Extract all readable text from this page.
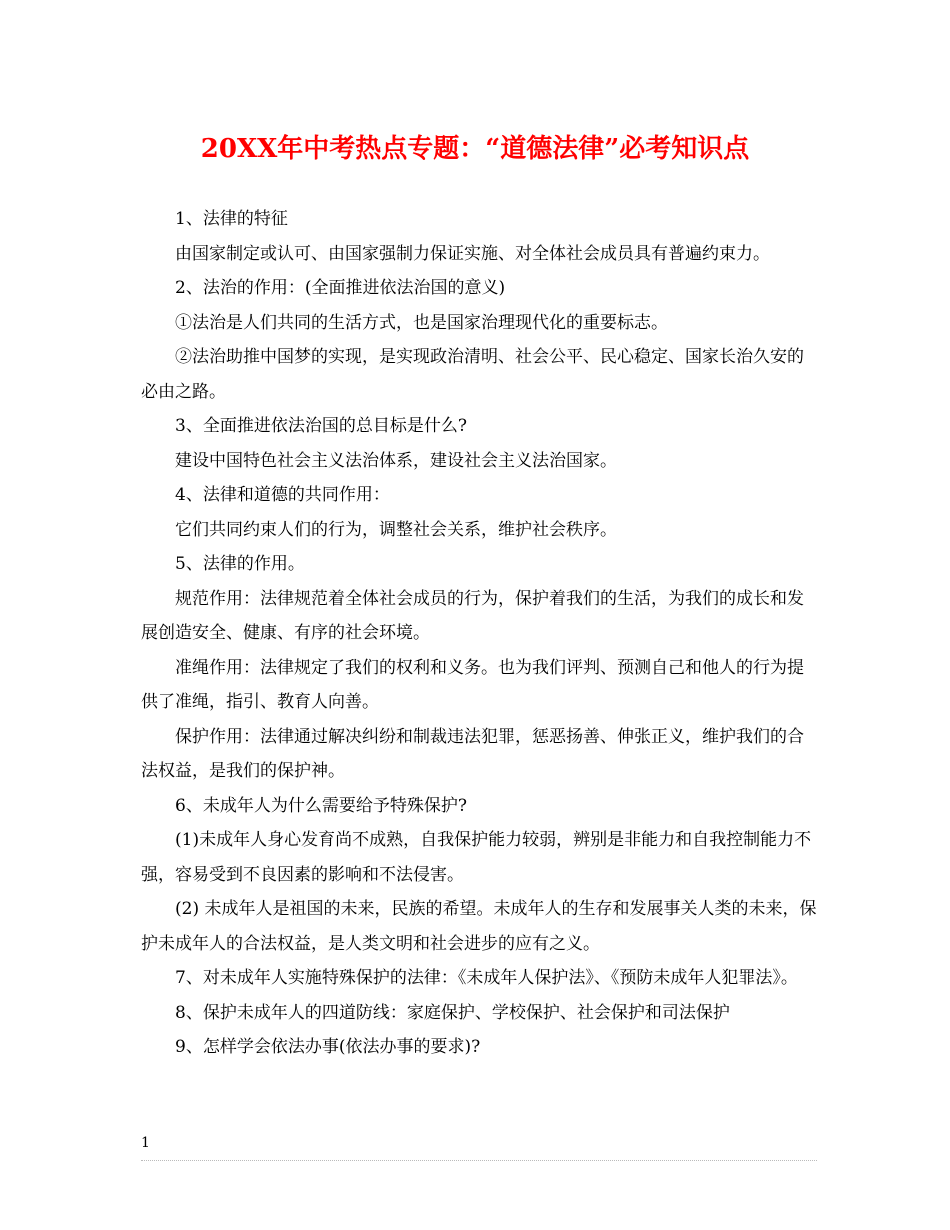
20XX年中考热点专题：“道德法律”必考知识点

1、法律的特征

由国家制定或认可、由国家强制力保证实施、对全体社会成员具有普遍约束力。

2、法治的作用：(全面推进依法治国的意义)

①法治是人们共同的生活方式，也是国家治理现代化的重要标志。

②法治助推中国梦的实现，是实现政治清明、社会公平、民心稳定、国家长治久安的必由之路。

3、全面推进依法治国的总目标是什么?

建设中国特色社会主义法治体系，建设社会主义法治国家。

4、法律和道德的共同作用：

它们共同约束人们的行为，调整社会关系，维护社会秩序。

5、法律的作用。

规范作用：法律规范着全体社会成员的行为，保护着我们的生活，为我们的成长和发展创造安全、健康、有序的社会环境。

准绳作用：法律规定了我们的权利和义务。也为我们评判、预测自己和他人的行为提供了准绳，指引、教育人向善。

保护作用：法律通过解决纠纷和制裁违法犯罪，惩恶扬善、伸张正义，维护我们的合法权益，是我们的保护神。

6、未成年人为什么需要给予特殊保护?

(1)未成年人身心发育尚不成熟，自我保护能力较弱，辨别是非能力和自我控制能力不强，容易受到不良因素的影响和不法侵害。

(2) 未成年人是祖国的未来，民族的希望。未成年人的生存和发展事关人类的未来，保护未成年人的合法权益，是人类文明和社会进步的应有之义。

7、对未成年人实施特殊保护的法律：《未成年人保护法》、《预防未成年人犯罪法》。

8、保护未成年人的四道防线：家庭保护、学校保护、社会保护和司法保护

9、怎样学会依法办事(依法办事的要求)?

1
